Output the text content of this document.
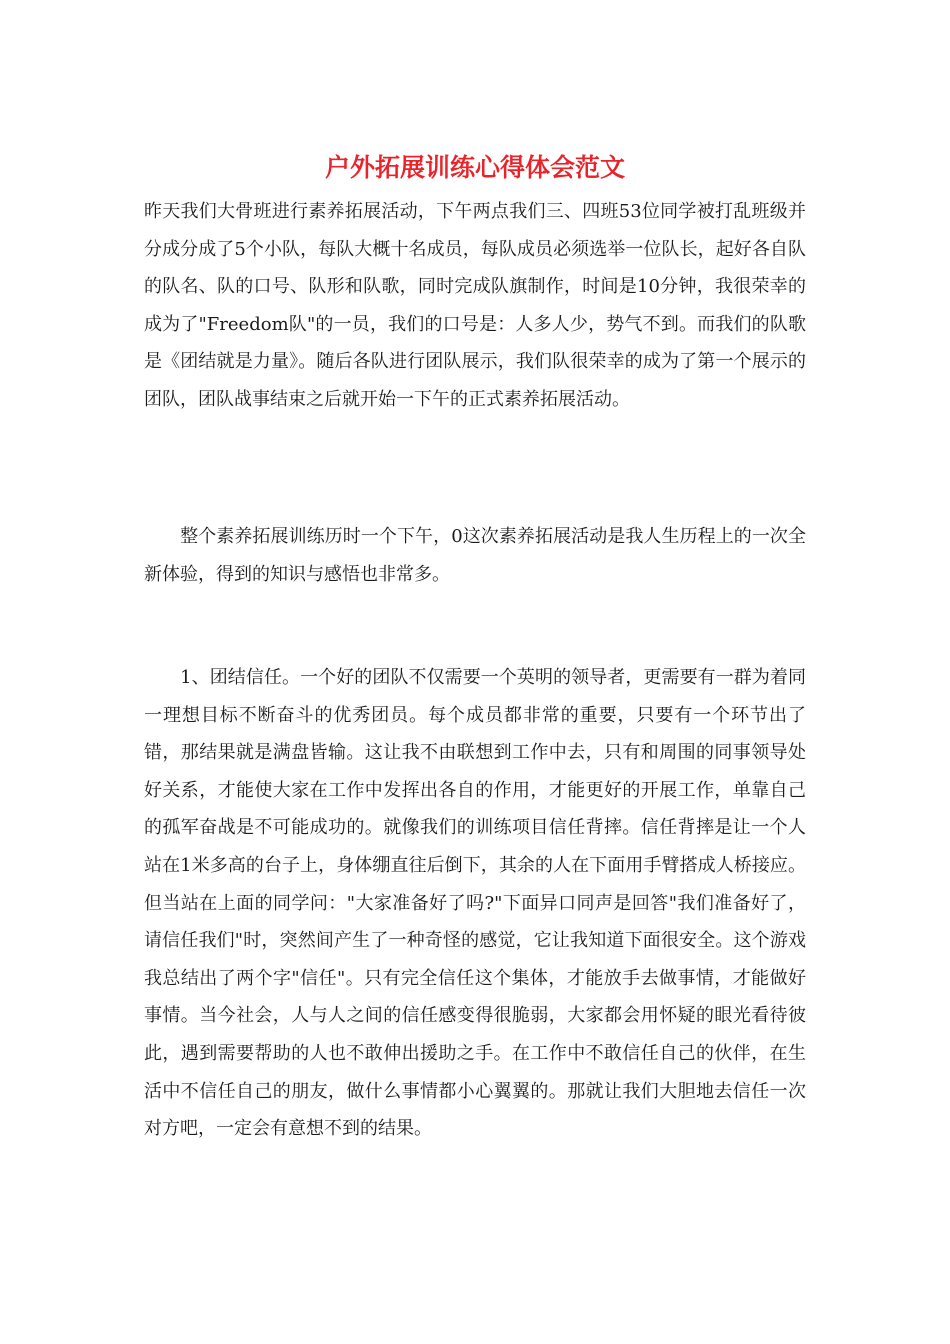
户外拓展训练心得体会范文

昨天我们大骨班进行素养拓展活动，下午两点我们三、四班53位同学被打乱班级并分成分成了5个小队，每队大概十名成员，每队成员必须选举一位队长，起好各自队的队名、队的口号、队形和队歌，同时完成队旗制作，时间是10分钟，我很荣幸的成为了"Freedom队"的一员，我们的口号是：人多人少，势气不到。而我们的队歌是《团结就是力量》。随后各队进行团队展示，我们队很荣幸的成为了第一个展示的团队，团队战事结束之后就开始一下午的正式素养拓展活动。

　　整个素养拓展训练历时一个下午，0这次素养拓展活动是我人生历程上的一次全新体验，得到的知识与感悟也非常多。

　　1、团结信任。一个好的团队不仅需要一个英明的领导者，更需要有一群为着同一理想目标不断奋斗的优秀团员。每个成员都非常的重要，只要有一个环节出了错，那结果就是满盘皆输。这让我不由联想到工作中去，只有和周围的同事领导处好关系，才能使大家在工作中发挥出各自的作用，才能更好的开展工作，单靠自己的孤军奋战是不可能成功的。就像我们的训练项目信任背摔。信任背摔是让一个人站在1米多高的台子上，身体绷直往后倒下，其余的人在下面用手臂搭成人桥接应。但当站在上面的同学问："大家准备好了吗?"下面异口同声是回答"我们准备好了，请信任我们"时，突然间产生了一种奇怪的感觉，它让我知道下面很安全。这个游戏我总结出了两个字"信任"。只有完全信任这个集体，才能放手去做事情，才能做好事情。当今社会，人与人之间的信任感变得很脆弱，大家都会用怀疑的眼光看待彼此，遇到需要帮助的人也不敢伸出援助之手。在工作中不敢信任自己的伙伴，在生活中不信任自己的朋友，做什么事情都小心翼翼的。那就让我们大胆地去信任一次对方吧，一定会有意想不到的结果。
